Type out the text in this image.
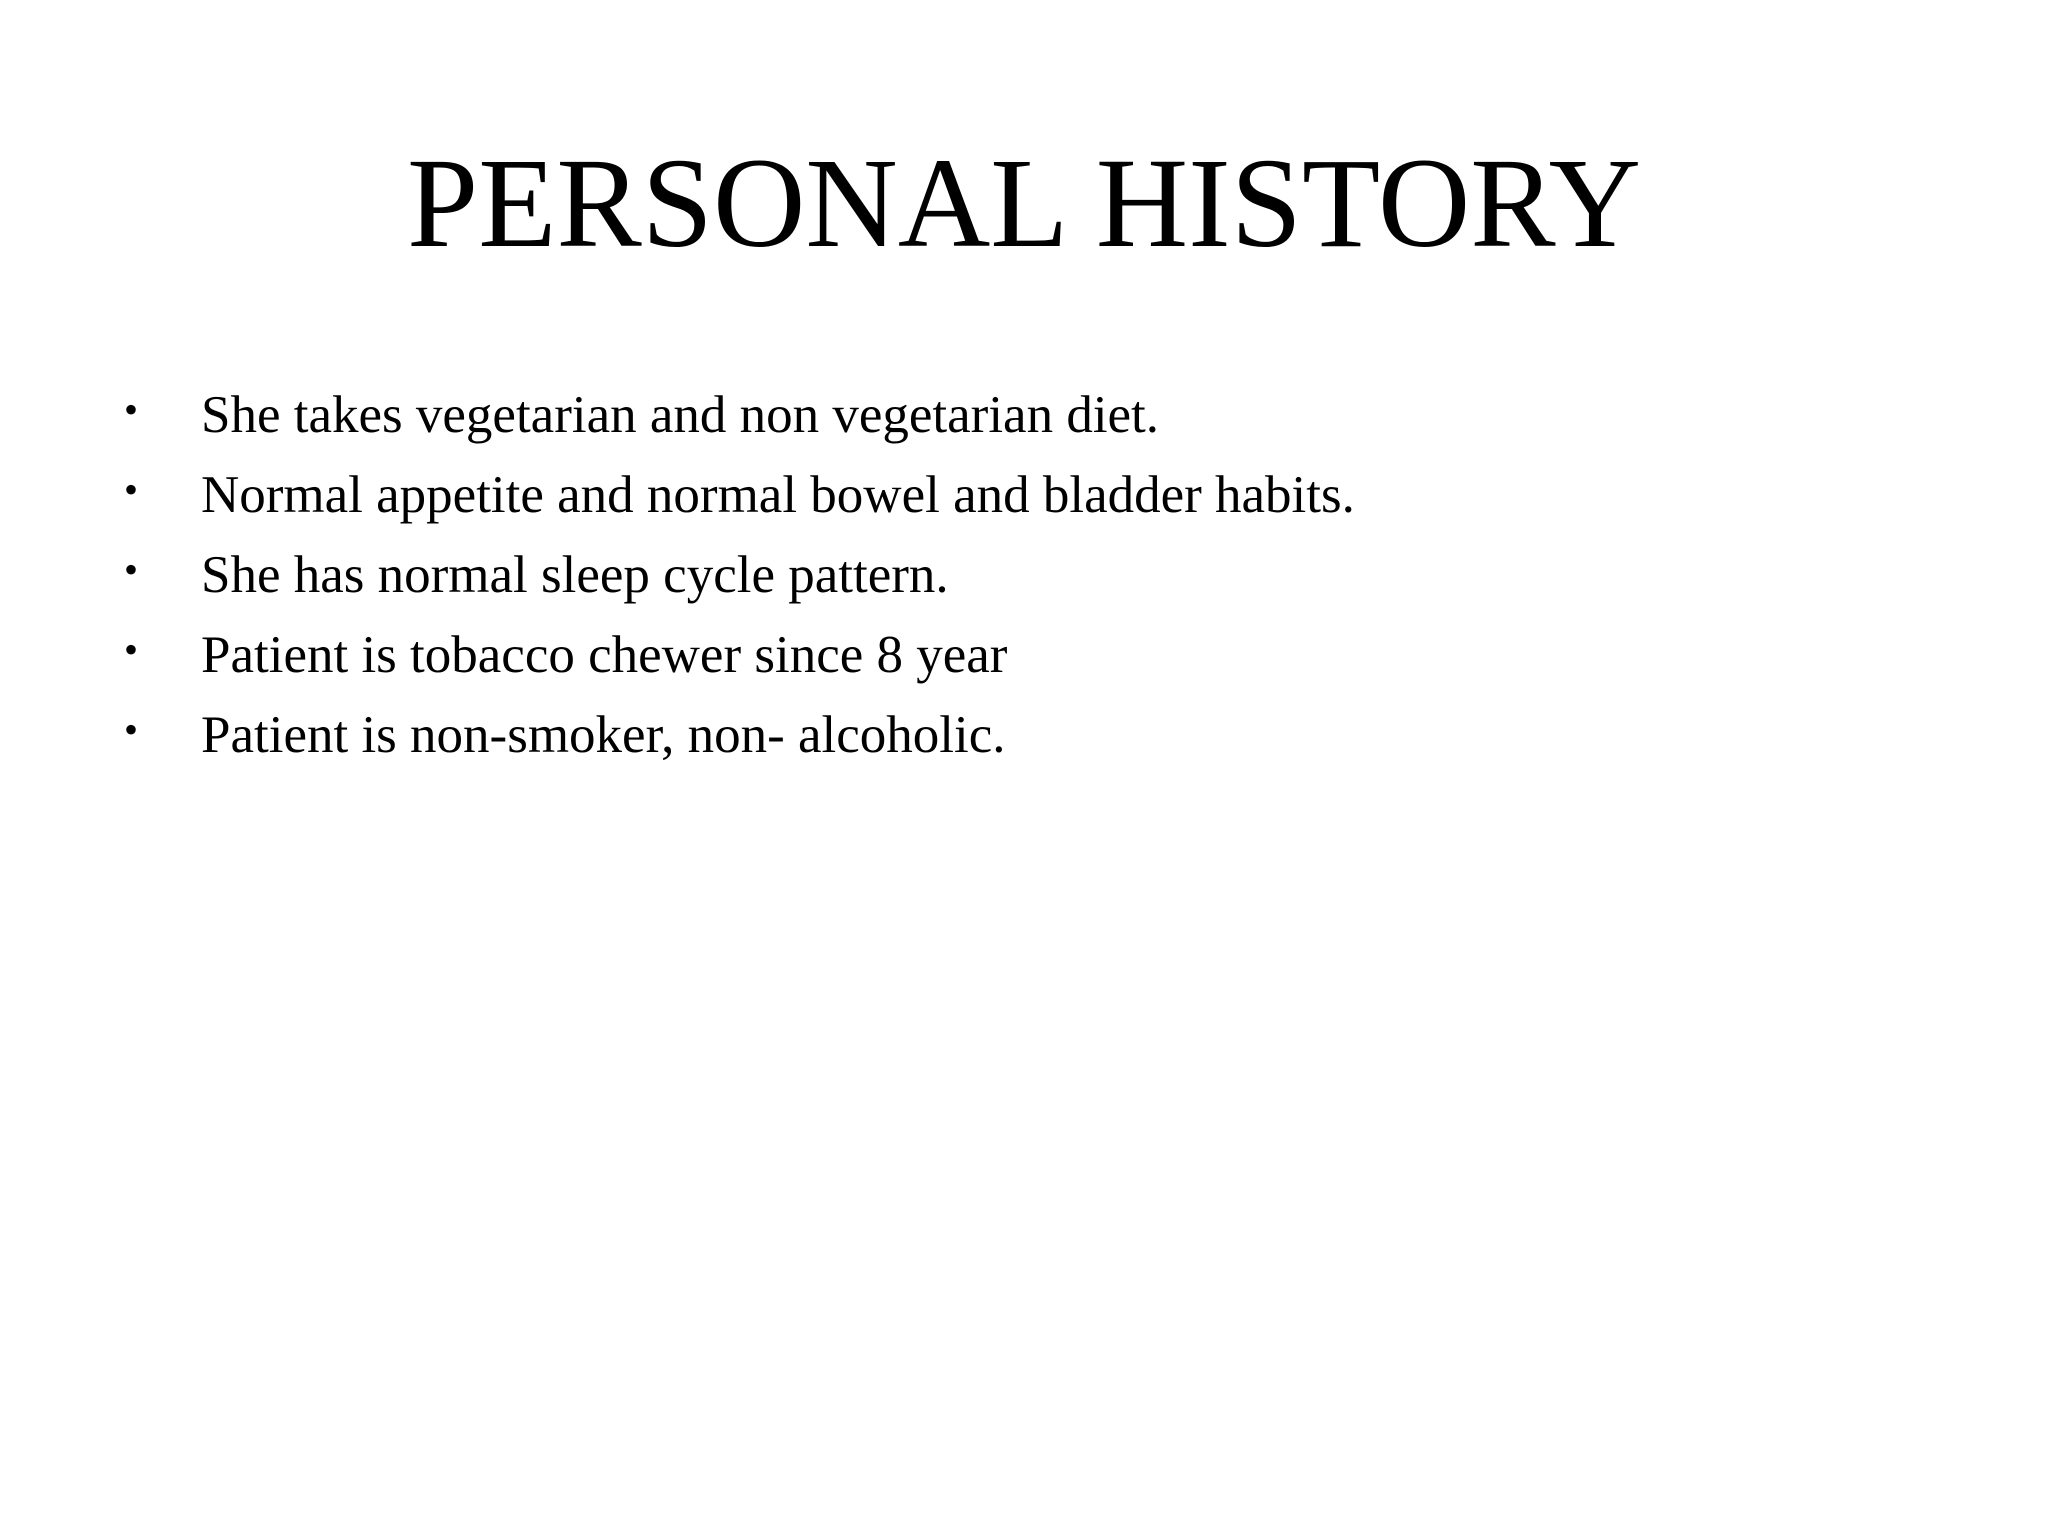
PERSONAL HISTORY
• She takes vegetarian and non vegetarian diet.
• Normal appetite and normal bowel and bladder habits.
• She has normal sleep cycle pattern.
• Patient is tobacco chewer since 8 year
• Patient is non-smoker, non- alcoholic.
